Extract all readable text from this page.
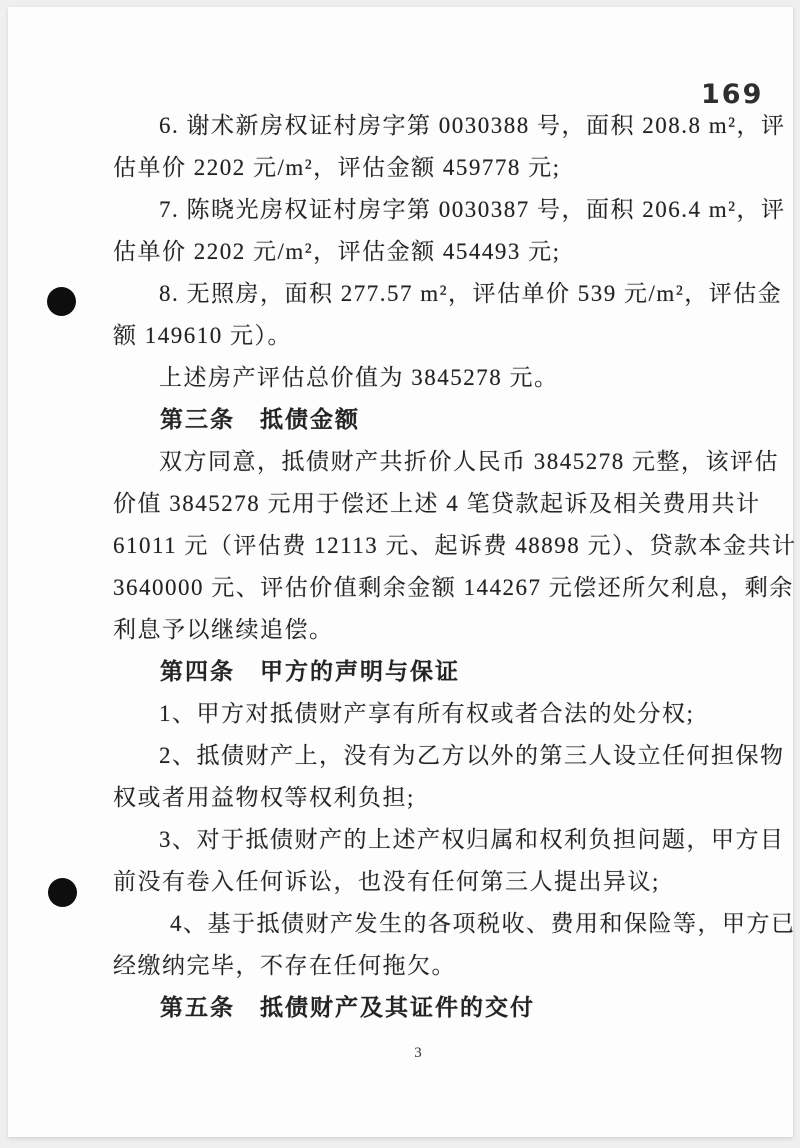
169
6. 谢术新房权证村房字第 0030388 号，面积 208.8 m²，评
估单价 2202 元/m²，评估金额 459778 元;
7. 陈晓光房权证村房字第 0030387 号，面积 206.4 m²，评
估单价 2202 元/m²，评估金额 454493 元;
8. 无照房，面积 277.57 m²，评估单价 539 元/m²，评估金
额 149610 元）。
上述房产评估总价值为 3845278 元。
第三条　抵债金额
双方同意，抵债财产共折价人民币 3845278 元整，该评估
价值 3845278 元用于偿还上述 4 笔贷款起诉及相关费用共计
61011 元（评估费 12113 元、起诉费 48898 元）、贷款本金共计
3640000 元、评估价值剩余金额 144267 元偿还所欠利息，剩余
利息予以继续追偿。
第四条　甲方的声明与保证
1、甲方对抵债财产享有所有权或者合法的处分权;
2、抵债财产上，没有为乙方以外的第三人设立任何担保物
权或者用益物权等权利负担;
3、对于抵债财产的上述产权归属和权利负担问题，甲方目
前没有卷入任何诉讼，也没有任何第三人提出异议;
4、基于抵债财产发生的各项税收、费用和保险等，甲方已
经缴纳完毕，不存在任何拖欠。
第五条　抵债财产及其证件的交付
3
